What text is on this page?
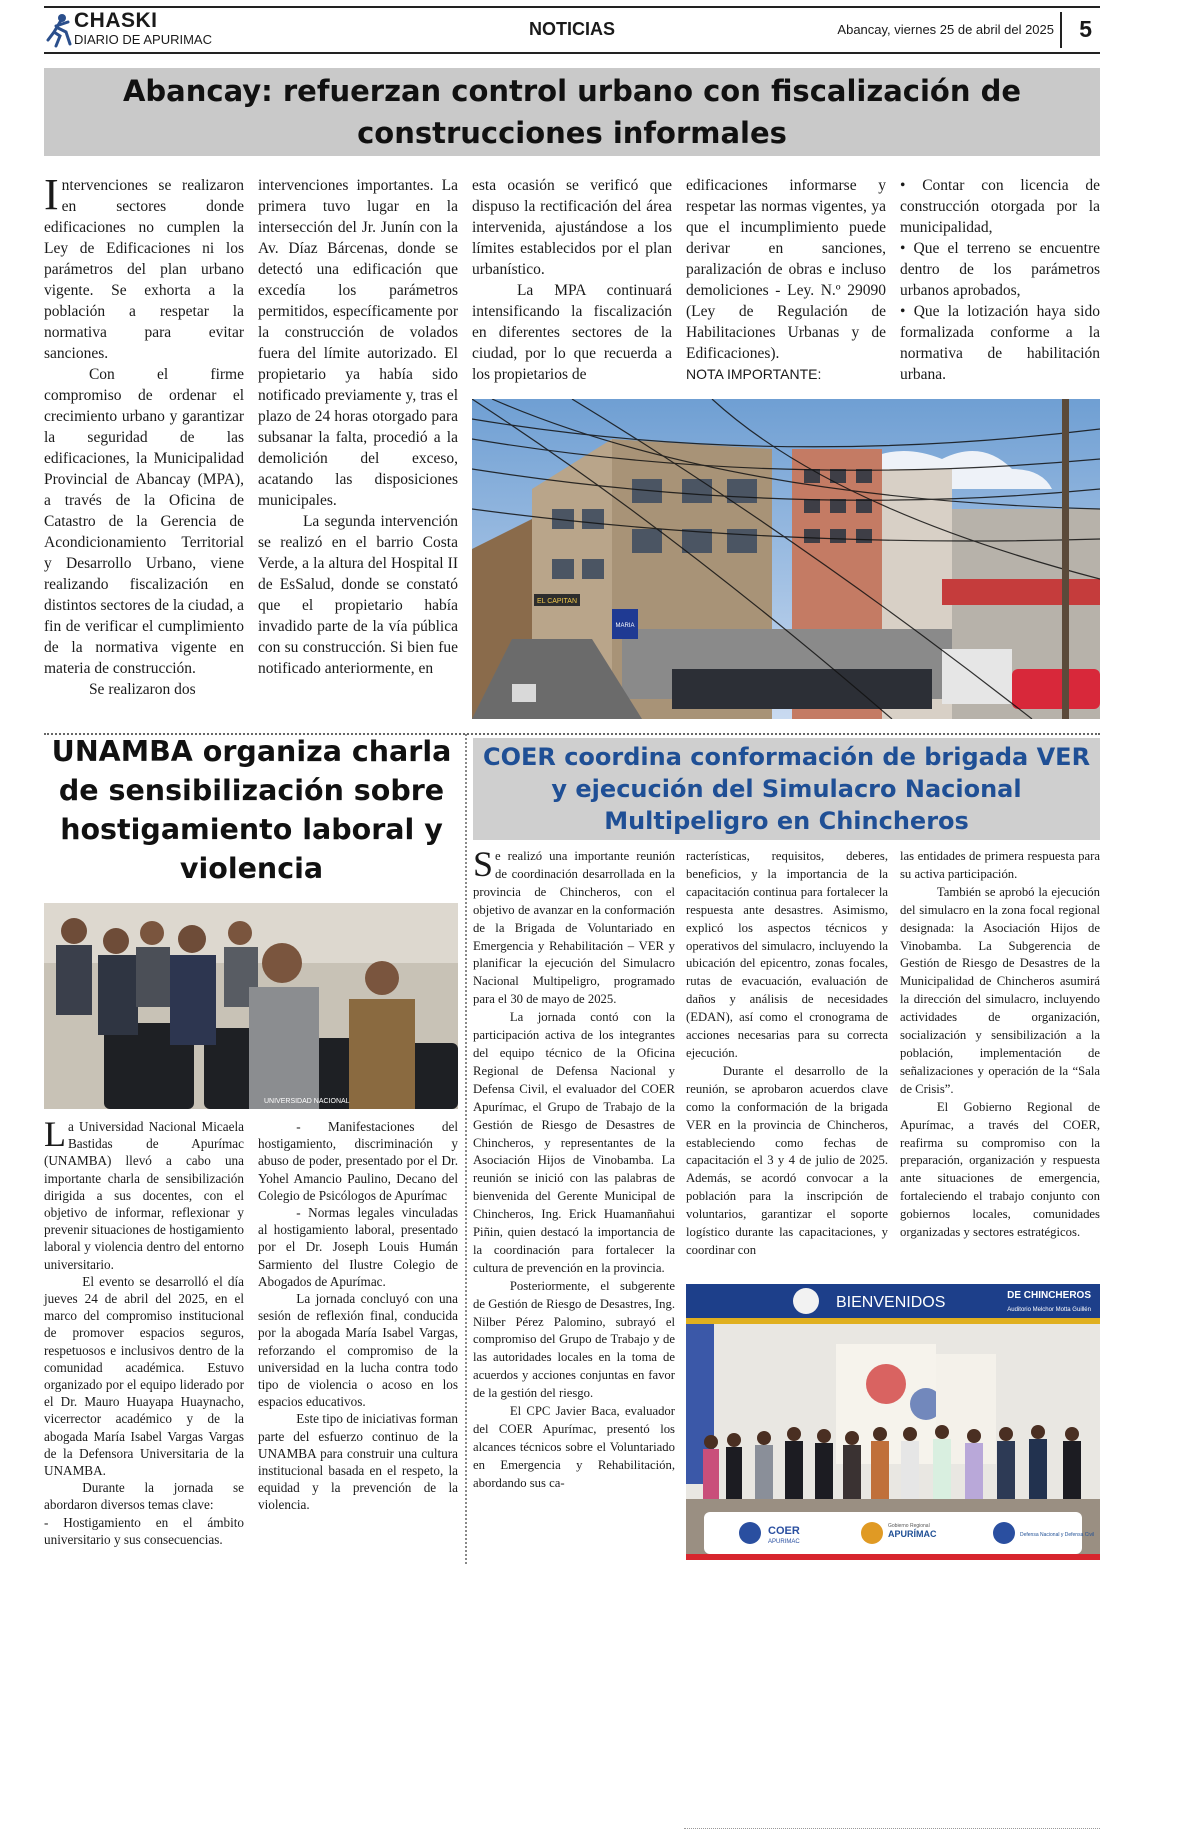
CHASKI
DIARIO DE APURIMAC
NOTICIAS	Abancay, viernes 25 de abril del 2025 5
Abancay: refuerzan control urbano con fiscalización de construcciones informales

Intervenciones se realizaron en sectores donde edificaciones no cumplen la Ley de Edificaciones ni los parámetros del plan urbano vigente. Se exhorta a la población a respetar la normativa para evitar sanciones.

Con el firme compromiso de ordenar el crecimiento urbano y garantizar la seguridad de las edificaciones, la Municipalidad Provincial de Abancay (MPA), a través de la Oficina de Catastro de la Gerencia de Acondicionamiento Territorial y Desarrollo Urbano, viene realizando fiscalización en distintos sectores de la ciudad, a fin de verificar el cumplimiento de la normativa vigente en materia de construcción.

Se realizaron dos

intervenciones importantes. La primera tuvo lugar en la intersección del Jr. Junín con la Av. Díaz Bárcenas, donde se detectó una edificación que excedía los parámetros permitidos, específicamente por la construcción de volados fuera del límite autorizado. El propietario ya había sido notificado previamente y, tras el plazo de 24 horas otorgado para subsanar la falta, procedió a la demolición del exceso, acatando las disposiciones municipales.

La segunda intervención se realizó en el barrio Costa Verde, a la altura del Hospital II de EsSalud, donde se constató que el propietario había invadido parte de la vía pública con su construcción. Si bien fue notificado anteriormente, en

esta ocasión se verificó que dispuso la rectificación del área intervenida, ajustándose a los límites establecidos por el plan urbanístico.

La MPA continuará intensificando la fiscalización en diferentes sectores de la ciudad, por lo que recuerda a los propietarios de

edificaciones informarse y respetar las normas vigentes, ya que el incumplimiento puede derivar en sanciones, paralización de obras e incluso demoliciones - Ley. N.º 29090 (Ley de Regulación de Habilitaciones Urbanas y de Edificaciones).

NOTA IMPORTANTE:

• Contar con licencia de construcción otorgada por la municipalidad,

• Que el terreno se encuentre dentro de los parámetros urbanos aprobados,

• Que la lotización haya sido formalizada conforme a la normativa de habilitación urbana.

EL CAPITAN
MARIA
UNAMBA organiza charla de sensibilización sobre hostigamiento laboral y violencia
UNIVERSIDAD NACIONAL

La Universidad Nacional Micaela Bastidas de Apurímac (UNAMBA) llevó a cabo una importante charla de sensibilización dirigida a sus docentes, con el objetivo de informar, reflexionar y prevenir situaciones de hostigamiento laboral y violencia dentro del entorno universitario.

El evento se desarrolló el día jueves 24 de abril del 2025, en el marco del compromiso institucional de promover espacios seguros, respetuosos e inclusivos dentro de la comunidad académica. Estuvo organizado por el equipo liderado por el Dr. Mauro Huayapa Huaynacho, vicerrector académico y de la abogada María Isabel Vargas Vargas de la Defensora Universitaria de la UNAMBA.

Durante la jornada se abordaron diversos temas clave:

- Hostigamiento en el ámbito universitario y sus consecuencias.

- Manifestaciones del hostigamiento, discriminación y abuso de poder, presentado por el Dr. Yohel Amancio Paulino, Decano del Colegio de Psicólogos de Apurímac

- Normas legales vinculadas al hostigamiento laboral, presentado por el Dr. Joseph Louis Humán Sarmiento del Ilustre Colegio de Abogados de Apurímac.

La jornada concluyó con una sesión de reflexión final, conducida por la abogada María Isabel Vargas, reforzando el compromiso de la universidad en la lucha contra todo tipo de violencia o acoso en los espacios educativos.

Este tipo de iniciativas forman parte del esfuerzo continuo de la UNAMBA para construir una cultura institucional basada en el respeto, la equidad y la prevención de la violencia.

COER coordina conformación de brigada VER y ejecución del Simulacro Nacional Multipeligro en Chincheros

Se realizó una importante reunión de coordinación desarrollada en la provincia de Chincheros, con el objetivo de avanzar en la conformación de la Brigada de Voluntariado en Emergencia y Rehabilitación – VER y planificar la ejecución del Simulacro Nacional Multipeligro, programado para el 30 de mayo de 2025.

La jornada contó con la participación activa de los integrantes del equipo técnico de la Oficina Regional de Defensa Nacional y Defensa Civil, el evaluador del COER Apurímac, el Grupo de Trabajo de la Gestión de Riesgo de Desastres de Chincheros, y representantes de la Asociación Hijos de Vinobamba. La reunión se inició con las palabras de bienvenida del Gerente Municipal de Chincheros, Ing. Erick Huamanñahui Piñin, quien destacó la importancia de la coordinación para fortalecer la cultura de prevención en la provincia.

Posteriormente, el subgerente de Gestión de Riesgo de Desastres, Ing. Nilber Pérez Palomino, subrayó el compromiso del Grupo de Trabajo y de las autoridades locales en la toma de acuerdos y acciones conjuntas en favor de la gestión del riesgo.

El CPC Javier Baca, evaluador del COER Apurímac, presentó los alcances técnicos sobre el Voluntariado en Emergencia y Rehabilitación, abordando sus ca-

racterísticas, requisitos, deberes, beneficios, y la importancia de la capacitación continua para fortalecer la respuesta ante desastres. Asimismo, explicó los aspectos técnicos y operativos del simulacro, incluyendo la ubicación del epicentro, zonas focales, rutas de evacuación, evaluación de daños y análisis de necesidades (EDAN), así como el cronograma de acciones necesarias para su correcta ejecución.

Durante el desarrollo de la reunión, se aprobaron acuerdos clave como la conformación de la brigada VER en la provincia de Chincheros, estableciendo como fechas de capacitación el 3 y 4 de julio de 2025. Además, se acordó convocar a la población para la inscripción de voluntarios, garantizar el soporte logístico durante las capacitaciones, y coordinar con

las entidades de primera respuesta para su activa participación.

También se aprobó la ejecución del simulacro en la zona focal regional designada: la Asociación Hijos de Vinobamba. La Subgerencia de Gestión de Riesgo de Desastres de la Municipalidad de Chincheros asumirá la dirección del simulacro, incluyendo actividades de organización, socialización y sensibilización a la población, implementación de señalizaciones y operación de la “Sala de Crisis”.

El Gobierno Regional de Apurímac, a través del COER, reafirma su compromiso con la preparación, organización y respuesta ante situaciones de emergencia, fortaleciendo el trabajo conjunto con gobiernos locales, comunidades organizadas y sectores estratégicos.

BIENVENIDOS	DE CHINCHEROS
Auditorio Melchor Motta Guillén
COER
APURIMAC
Gobierno Regional
APURÍMAC	Defensa Nacional y Defensa Civil
